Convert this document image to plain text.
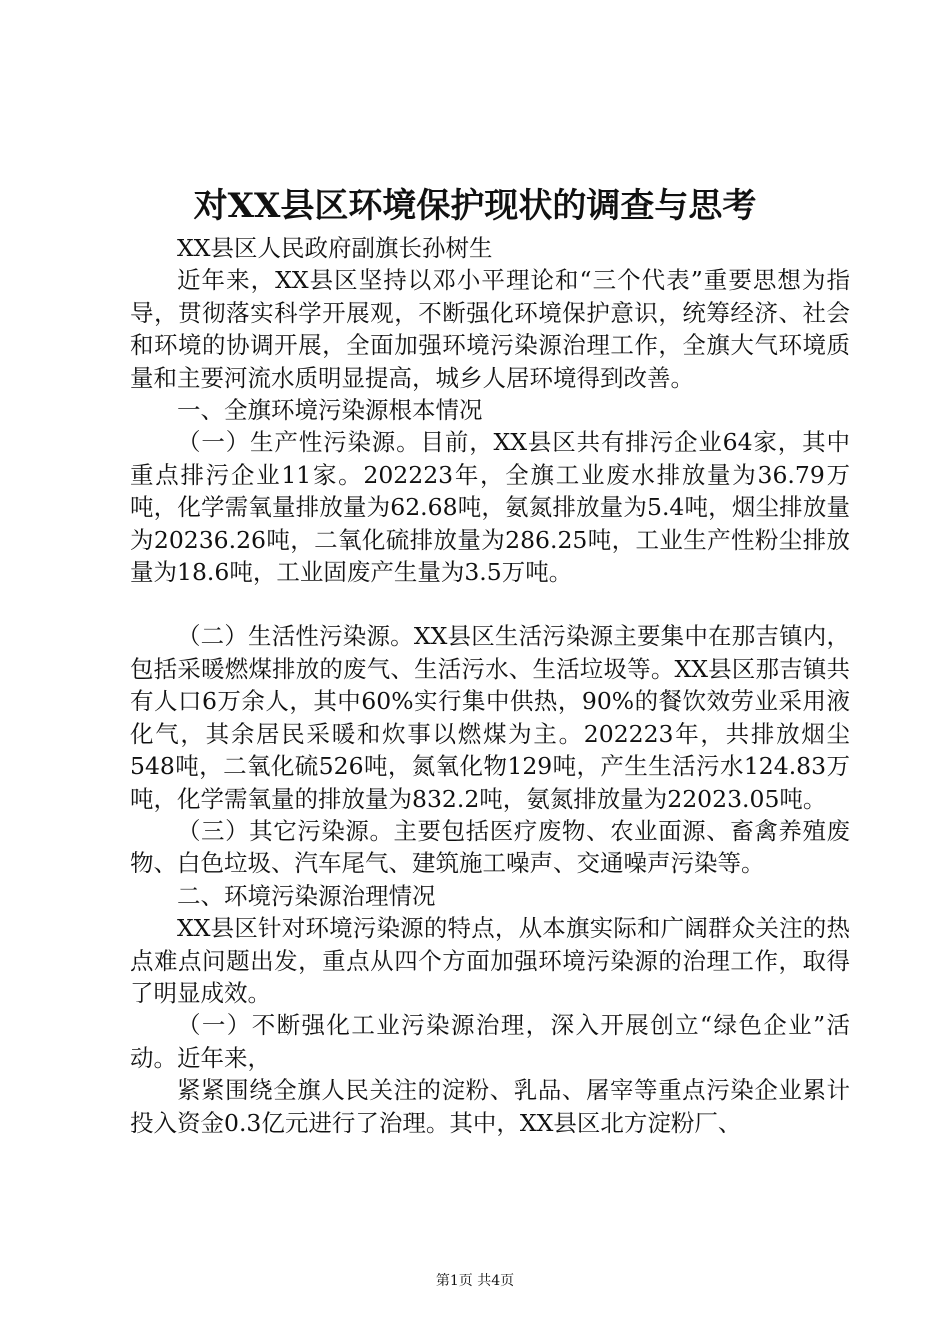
对XX县区环境保护现状的调查与思考

XX县区人民政府副旗长孙树生

近年来，XX县区坚持以邓小平理论和“三个代表”重要思想为指导，贯彻落实科学开展观，不断强化环境保护意识，统筹经济、社会和环境的协调开展，全面加强环境污染源治理工作，全旗大气环境质量和主要河流水质明显提高，城乡人居环境得到改善。

一、全旗环境污染源根本情况

（一）生产性污染源。目前，XX县区共有排污企业64家，其中重点排污企业11家。202223年，全旗工业废水排放量为36.79万吨，化学需氧量排放量为62.68吨，氨氮排放量为5.4吨，烟尘排放量为20236.26吨，二氧化硫排放量为286.25吨，工业生产性粉尘排放量为18.6吨，工业固废产生量为3.5万吨。

（二）生活性污染源。XX县区生活污染源主要集中在那吉镇内，包括采暖燃煤排放的废气、生活污水、生活垃圾等。XX县区那吉镇共有人口6万余人，其中60%实行集中供热，90%的餐饮效劳业采用液化气，其余居民采暖和炊事以燃煤为主。202223年，共排放烟尘548吨，二氧化硫526吨，氮氧化物129吨，产生生活污水124.83万吨，化学需氧量的排放量为832.2吨，氨氮排放量为22023.05吨。

（三）其它污染源。主要包括医疗废物、农业面源、畜禽养殖废物、白色垃圾、汽车尾气、建筑施工噪声、交通噪声污染等。

二、环境污染源治理情况

XX县区针对环境污染源的特点，从本旗实际和广阔群众关注的热点难点问题出发，重点从四个方面加强环境污染源的治理工作，取得了明显成效。

（一）不断强化工业污染源治理，深入开展创立“绿色企业”活动。近年来，

紧紧围绕全旗人民关注的淀粉、乳品、屠宰等重点污染企业累计投入资金0.3亿元进行了治理。其中，XX县区北方淀粉厂、

第1页 共4页
